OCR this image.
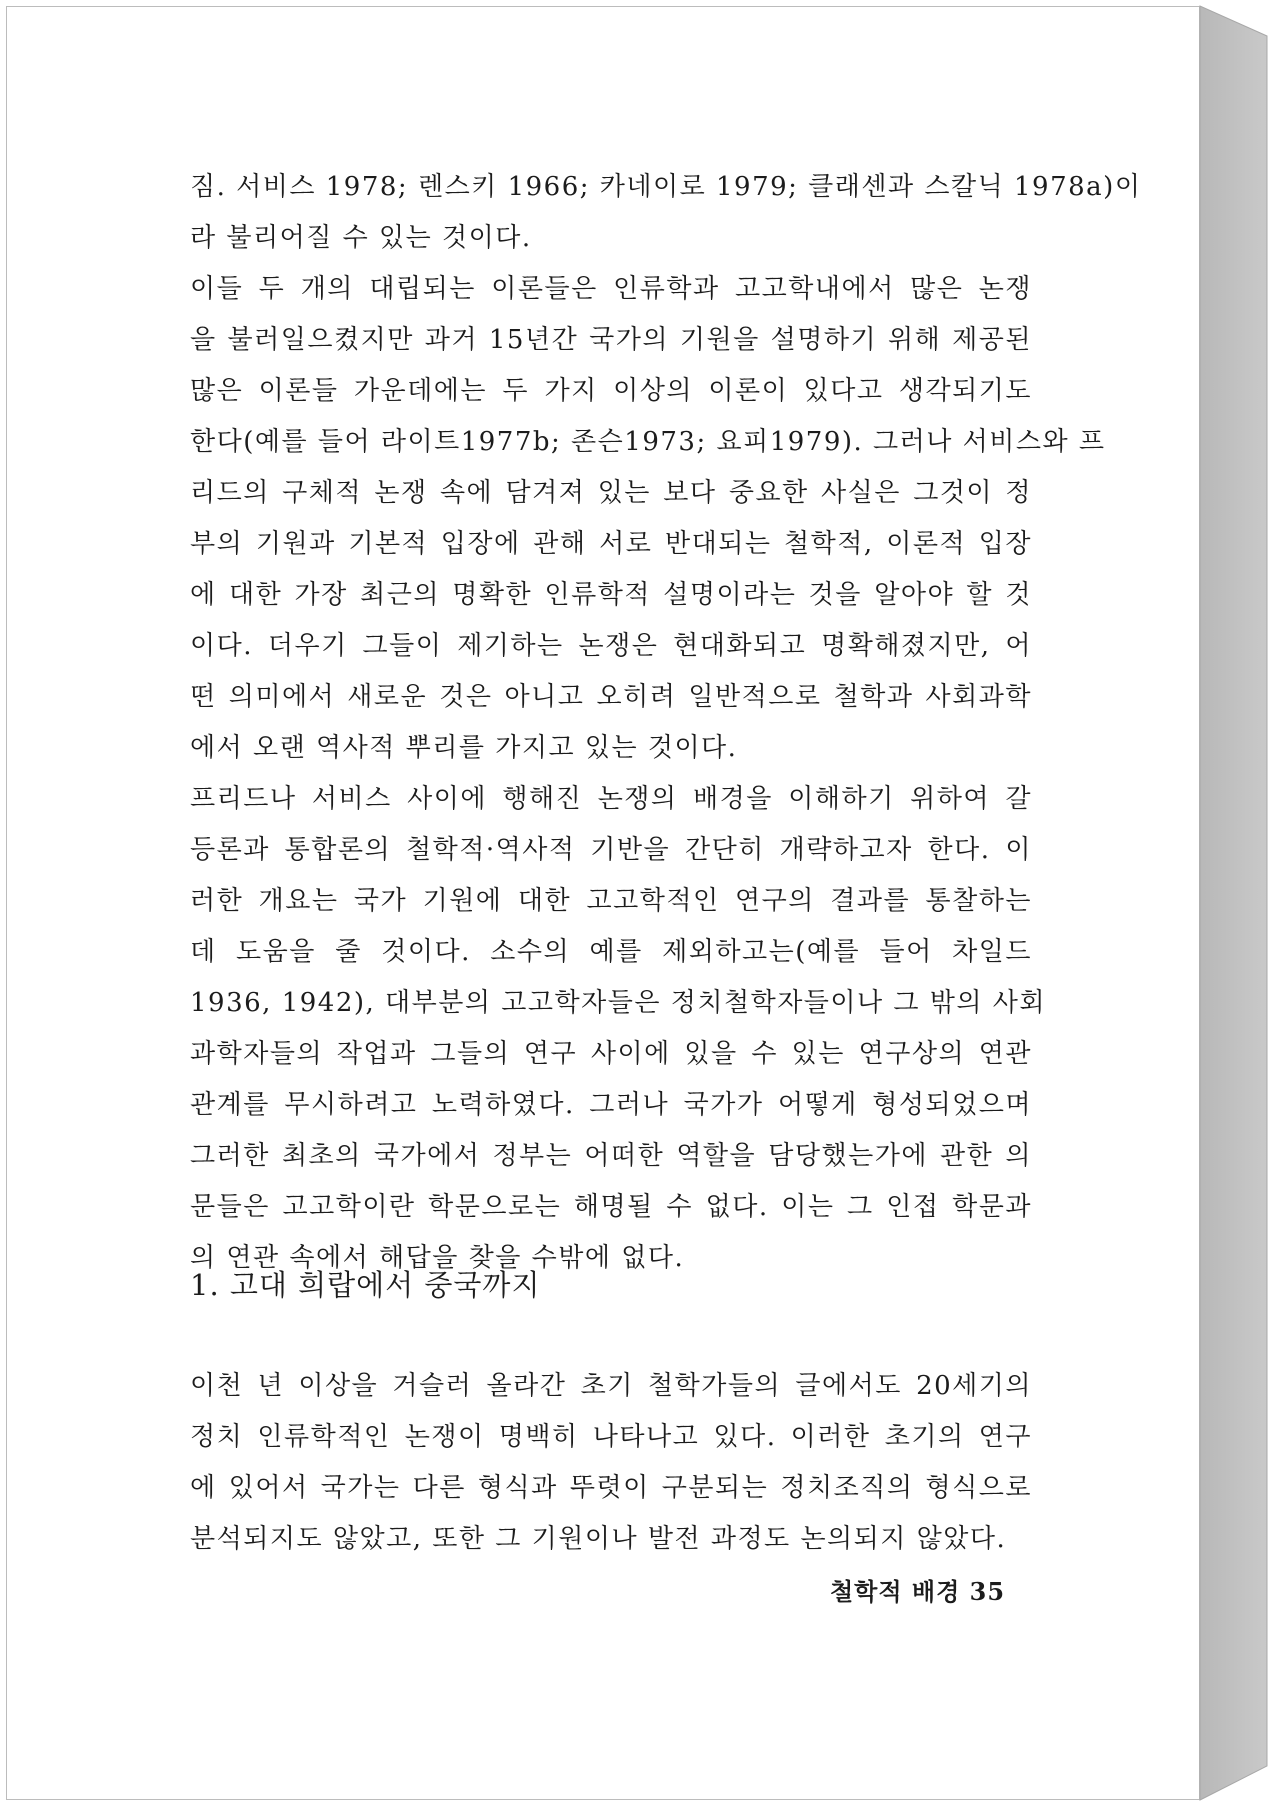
짐. 서비스 1978; 렌스키 1966; 카네이로 1979; 클래센과 스칼닉 1978a)이
라 불리어질 수 있는 것이다.
이들 두 개의 대립되는 이론들은 인류학과 고고학내에서 많은 논쟁
을 불러일으켰지만 과거 15년간 국가의 기원을 설명하기 위해 제공된
많은 이론들 가운데에는 두 가지 이상의 이론이 있다고 생각되기도
한다(예를 들어 라이트1977b; 존슨1973; 요피1979). 그러나 서비스와 프
리드의 구체적 논쟁 속에 담겨져 있는 보다 중요한 사실은 그것이 정
부의 기원과 기본적 입장에 관해 서로 반대되는 철학적, 이론적 입장
에 대한 가장 최근의 명확한 인류학적 설명이라는 것을 알아야 할 것
이다. 더우기 그들이 제기하는 논쟁은 현대화되고 명확해졌지만, 어
떤 의미에서 새로운 것은 아니고 오히려 일반적으로 철학과 사회과학
에서 오랜 역사적 뿌리를 가지고 있는 것이다.
프리드나 서비스 사이에 행해진 논쟁의 배경을 이해하기 위하여 갈
등론과 통합론의 철학적·역사적 기반을 간단히 개략하고자 한다. 이
러한 개요는 국가 기원에 대한 고고학적인 연구의 결과를 통찰하는
데 도움을 줄 것이다. 소수의 예를 제외하고는(예를 들어 차일드
1936, 1942), 대부분의 고고학자들은 정치철학자들이나 그 밖의 사회
과학자들의 작업과 그들의 연구 사이에 있을 수 있는 연구상의 연관
관계를 무시하려고 노력하였다. 그러나 국가가 어떻게 형성되었으며
그러한 최초의 국가에서 정부는 어떠한 역할을 담당했는가에 관한 의
문들은 고고학이란 학문으로는 해명될 수 없다. 이는 그 인접 학문과
의 연관 속에서 해답을 찾을 수밖에 없다.
1. 고대 희랍에서 중국까지
이천 년 이상을 거슬러 올라간 초기 철학가들의 글에서도 20세기의
정치 인류학적인 논쟁이 명백히 나타나고 있다. 이러한 초기의 연구
에 있어서 국가는 다른 형식과 뚜렷이 구분되는 정치조직의 형식으로
분석되지도 않았고, 또한 그 기원이나 발전 과정도 논의되지 않았다.
철학적 배경 35
